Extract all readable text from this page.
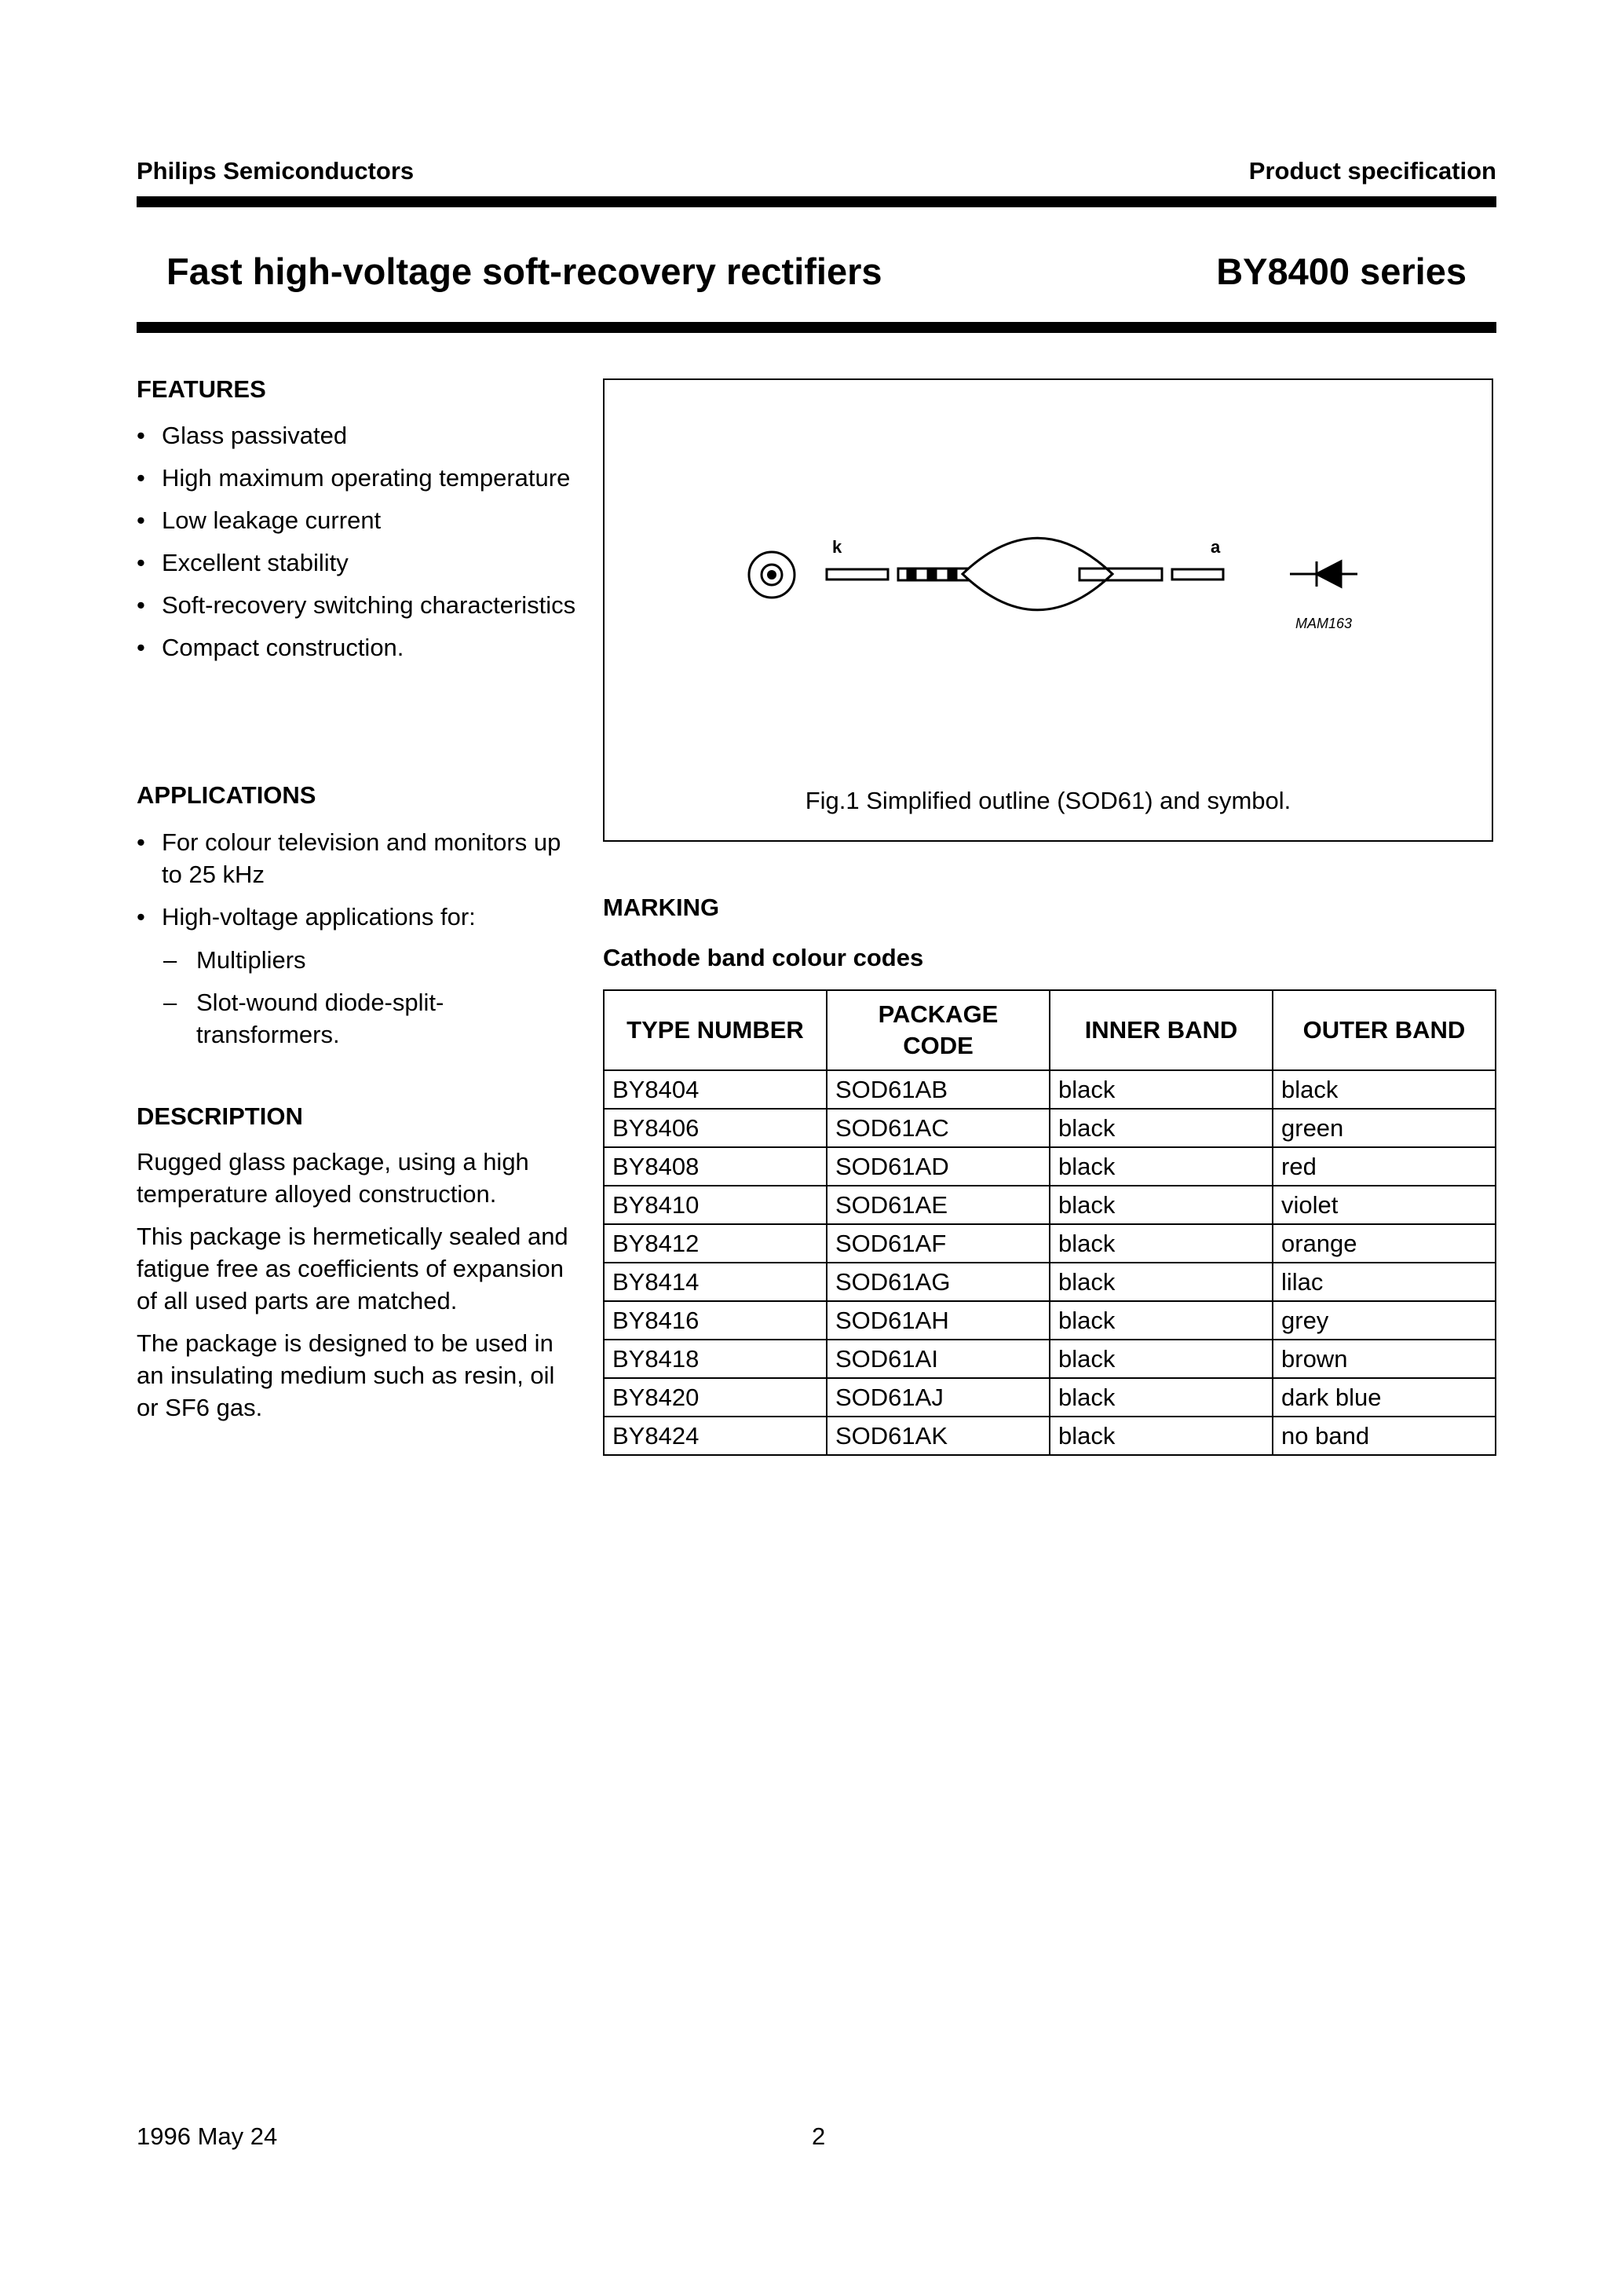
Philips Semiconductors	Product specification
Fast high-voltage soft-recovery rectifiers	BY8400 series
FEATURES
• Glass passivated
• High maximum operating temperature
• Low leakage current
• Excellent stability
• Soft-recovery switching characteristics
• Compact construction.
APPLICATIONS
• For colour television and monitors up to 25 kHz
• High-voltage applications for:
– Multipliers
– Slot-wound diode-split-transformers.
DESCRIPTION

Rugged glass package, using a high temperature alloyed construction.

This package is hermetically sealed and fatigue free as coefficients of expansion of all used parts are matched.

The package is designed to be used in an insulating medium such as resin, oil or SF6 gas.

k	a
MAM163
Fig.1 Simplified outline (SOD61) and symbol.
MARKING
Cathode band colour codes
TYPE NUMBER	PACKAGE CODE	INNER BAND	OUTER BAND
BY8404	SOD61AB	black	black
BY8406	SOD61AC	black	green
BY8408	SOD61AD	black	red
BY8410	SOD61AE	black	violet
BY8412	SOD61AF	black	orange
BY8414	SOD61AG	black	lilac
BY8416	SOD61AH	black	grey
BY8418	SOD61AI	black	brown
BY8420	SOD61AJ	black	dark blue
BY8424	SOD61AK	black	no band
1996 May 24	2
